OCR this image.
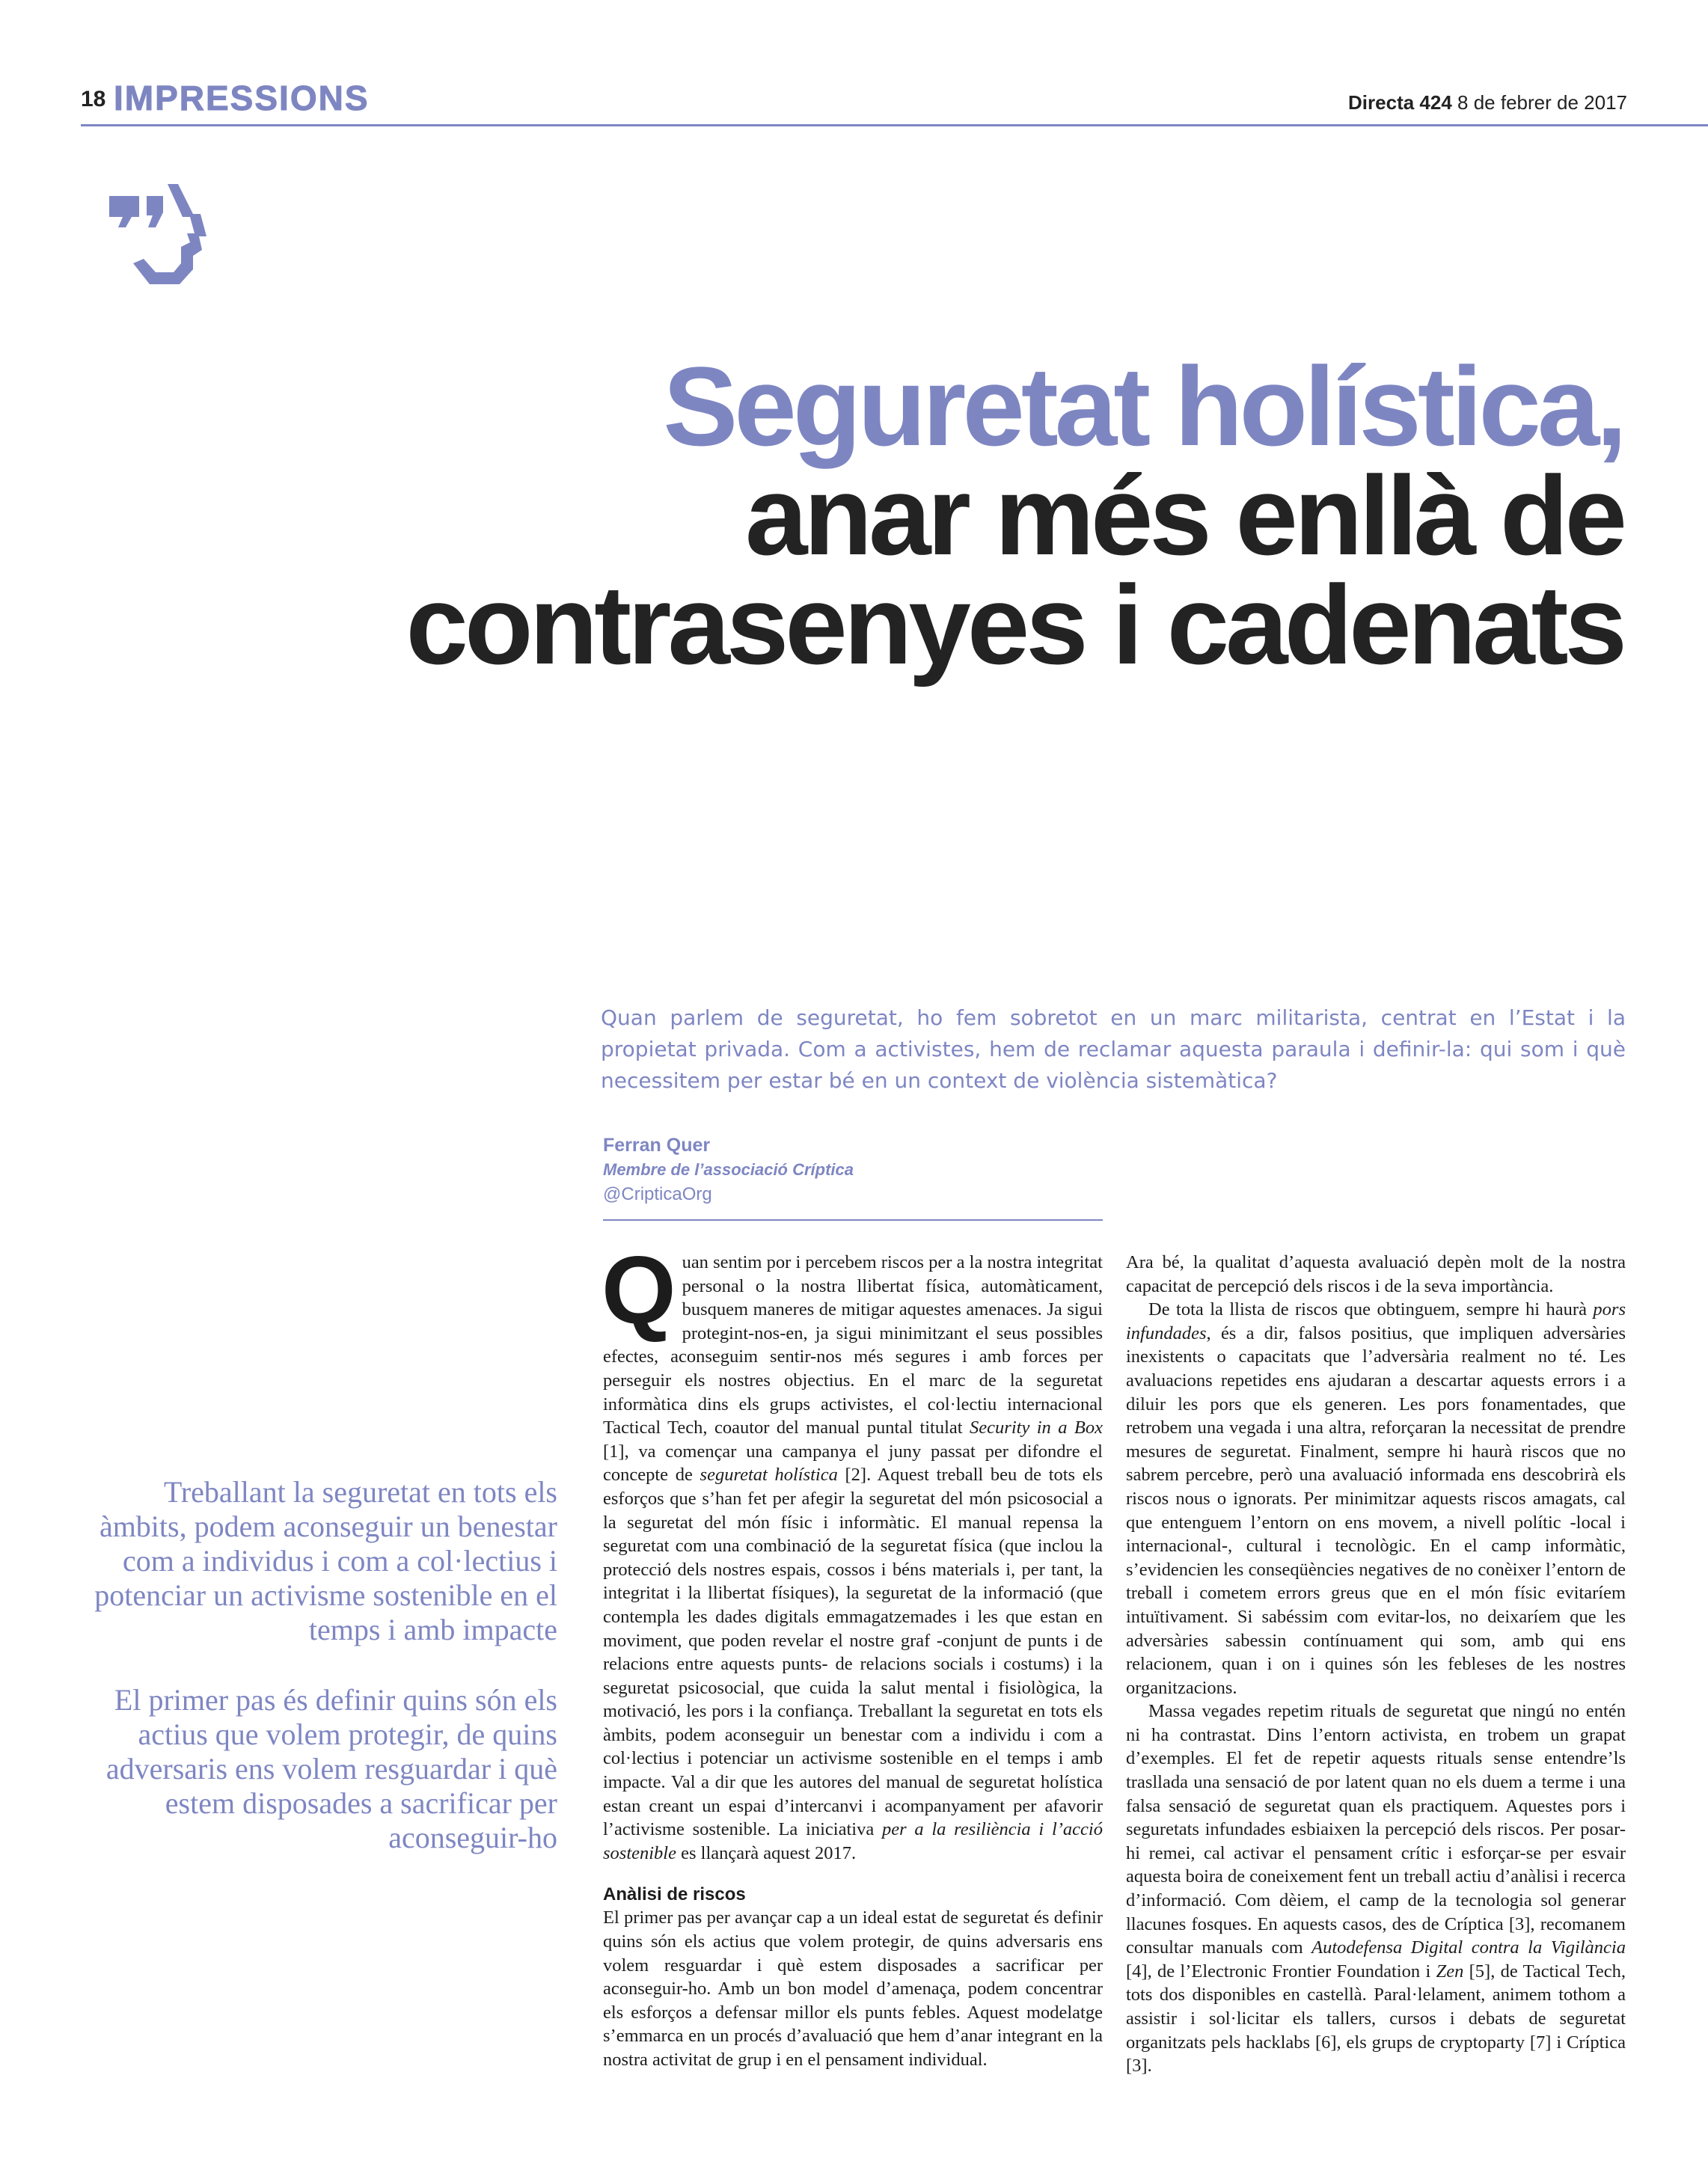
18 IMPRESSIONS	Directa 424 8 de febrer de 2017
Seguretat holística,
anar més enllà de
contrasenyes i cadenats
Quan parlem de seguretat, ho fem sobretot en un marc militarista, centrat en l’Estat i la propietat privada. Com a activistes, hem de reclamar aquesta paraula i definir-la: qui som i què necessitem per estar bé en un context de violència sistemàtica?
Ferran Quer
Membre de l’associació Críptica
@CripticaOrg
Treballant la seguretat en tots els àmbits, podem aconseguir un benestar com a individus i com a col·lectius i potenciar un activisme sostenible en el temps i amb impacte
El primer pas és definir quins són els actius que volem protegir, de quins adversaris ens volem resguardar i què estem disposades a sacrificar per aconseguir-ho

Quan sentim por i percebem riscos per a la nostra integritat personal o la nostra llibertat física, automàticament, busquem maneres de mitigar aquestes amenaces. Ja sigui protegint-nos-en, ja sigui minimitzant el seus possibles efectes, aconseguim sentir-nos més segures i amb forces per perseguir els nostres objectius. En el marc de la seguretat informàtica dins els grups activistes, el col·lectiu internacional Tactical Tech, coautor del manual puntal titulat Security in a Box [1], va començar una campanya el juny passat per difondre el concepte de seguretat holística [2]. Aquest treball beu de tots els esforços que s’han fet per afegir la seguretat del món psicosocial a la seguretat del món físic i informàtic. El manual repensa la seguretat com una combinació de la seguretat física (que inclou la protecció dels nostres espais, cossos i béns materials i, per tant, la integritat i la llibertat físiques), la seguretat de la informació (que contempla les dades digitals emmagatzemades i les que estan en moviment, que poden revelar el nostre graf -conjunt de punts i de relacions entre aquests punts- de relacions socials i costums) i la seguretat psicosocial, que cuida la salut mental i fisiològica, la motivació, les pors i la confiança. Treballant la seguretat en tots els àmbits, podem aconseguir un benestar com a individu i com a col·lectius i potenciar un activisme sostenible en el temps i amb impacte. Val a dir que les autores del manual de seguretat holística estan creant un espai d’intercanvi i acompanyament per afavorir l’activisme sostenible. La iniciativa per a la resiliència i l’acció sostenible es llançarà aquest 2017.

Anàlisi de riscos

El primer pas per avançar cap a un ideal estat de seguretat és definir quins són els actius que volem protegir, de quins adversaris ens volem resguardar i què estem disposades a sacrificar per aconseguir-ho. Amb un bon model d’amenaça, podem concentrar els esforços a defensar millor els punts febles. Aquest modelatge s’emmarca en un procés d’avaluació que hem d’anar integrant en la nostra activitat de grup i en el pensament individual.

Ara bé, la qualitat d’aquesta avaluació depèn molt de la nostra capacitat de percepció dels riscos i de la seva importància.

De tota la llista de riscos que obtinguem, sempre hi haurà pors infundades, és a dir, falsos positius, que impliquen adversàries inexistents o capacitats que l’adversària realment no té. Les avaluacions repetides ens ajudaran a descartar aquests errors i a diluir les pors que els generen. Les pors fonamentades, que retrobem una vegada i una altra, reforçaran la necessitat de prendre mesures de seguretat. Finalment, sempre hi haurà riscos que no sabrem percebre, però una avaluació informada ens descobrirà els riscos nous o ignorats. Per minimitzar aquests riscos amagats, cal que entenguem l’entorn on ens movem, a nivell polític -local i internacional-, cultural i tecnològic. En el camp informàtic, s’evidencien les conseqüències negatives de no conèixer l’entorn de treball i cometem errors greus que en el món físic evitaríem intuïtivament. Si sabéssim com evitar-los, no deixaríem que les adversàries sabessin contínuament qui som, amb qui ens relacionem, quan i on i quines són les febleses de les nostres organitzacions.

Massa vegades repetim rituals de seguretat que ningú no entén ni ha contrastat. Dins l’entorn activista, en trobem un grapat d’exemples. El fet de repetir aquests rituals sense entendre’ls trasllada una sensació de por latent quan no els duem a terme i una falsa sensació de seguretat quan els practiquem. Aquestes pors i seguretats infundades esbiaixen la percepció dels riscos. Per posar-hi remei, cal activar el pensament crític i esforçar-se per esvair aquesta boira de coneixement fent un treball actiu d’anàlisi i recerca d’informació. Com dèiem, el camp de la tecnologia sol generar llacunes fosques. En aquests casos, des de Críptica [3], recomanem consultar manuals com Autodefensa Digital contra la Vigilància [4], de l’Electronic Frontier Foundation i Zen [5], de Tactical Tech, tots dos disponibles en castellà. Paral·lelament, animem tothom a assistir i sol·licitar els tallers, cursos i debats de seguretat organitzats pels hacklabs [6], els grups de cryptoparty [7] i Críptica [3].
